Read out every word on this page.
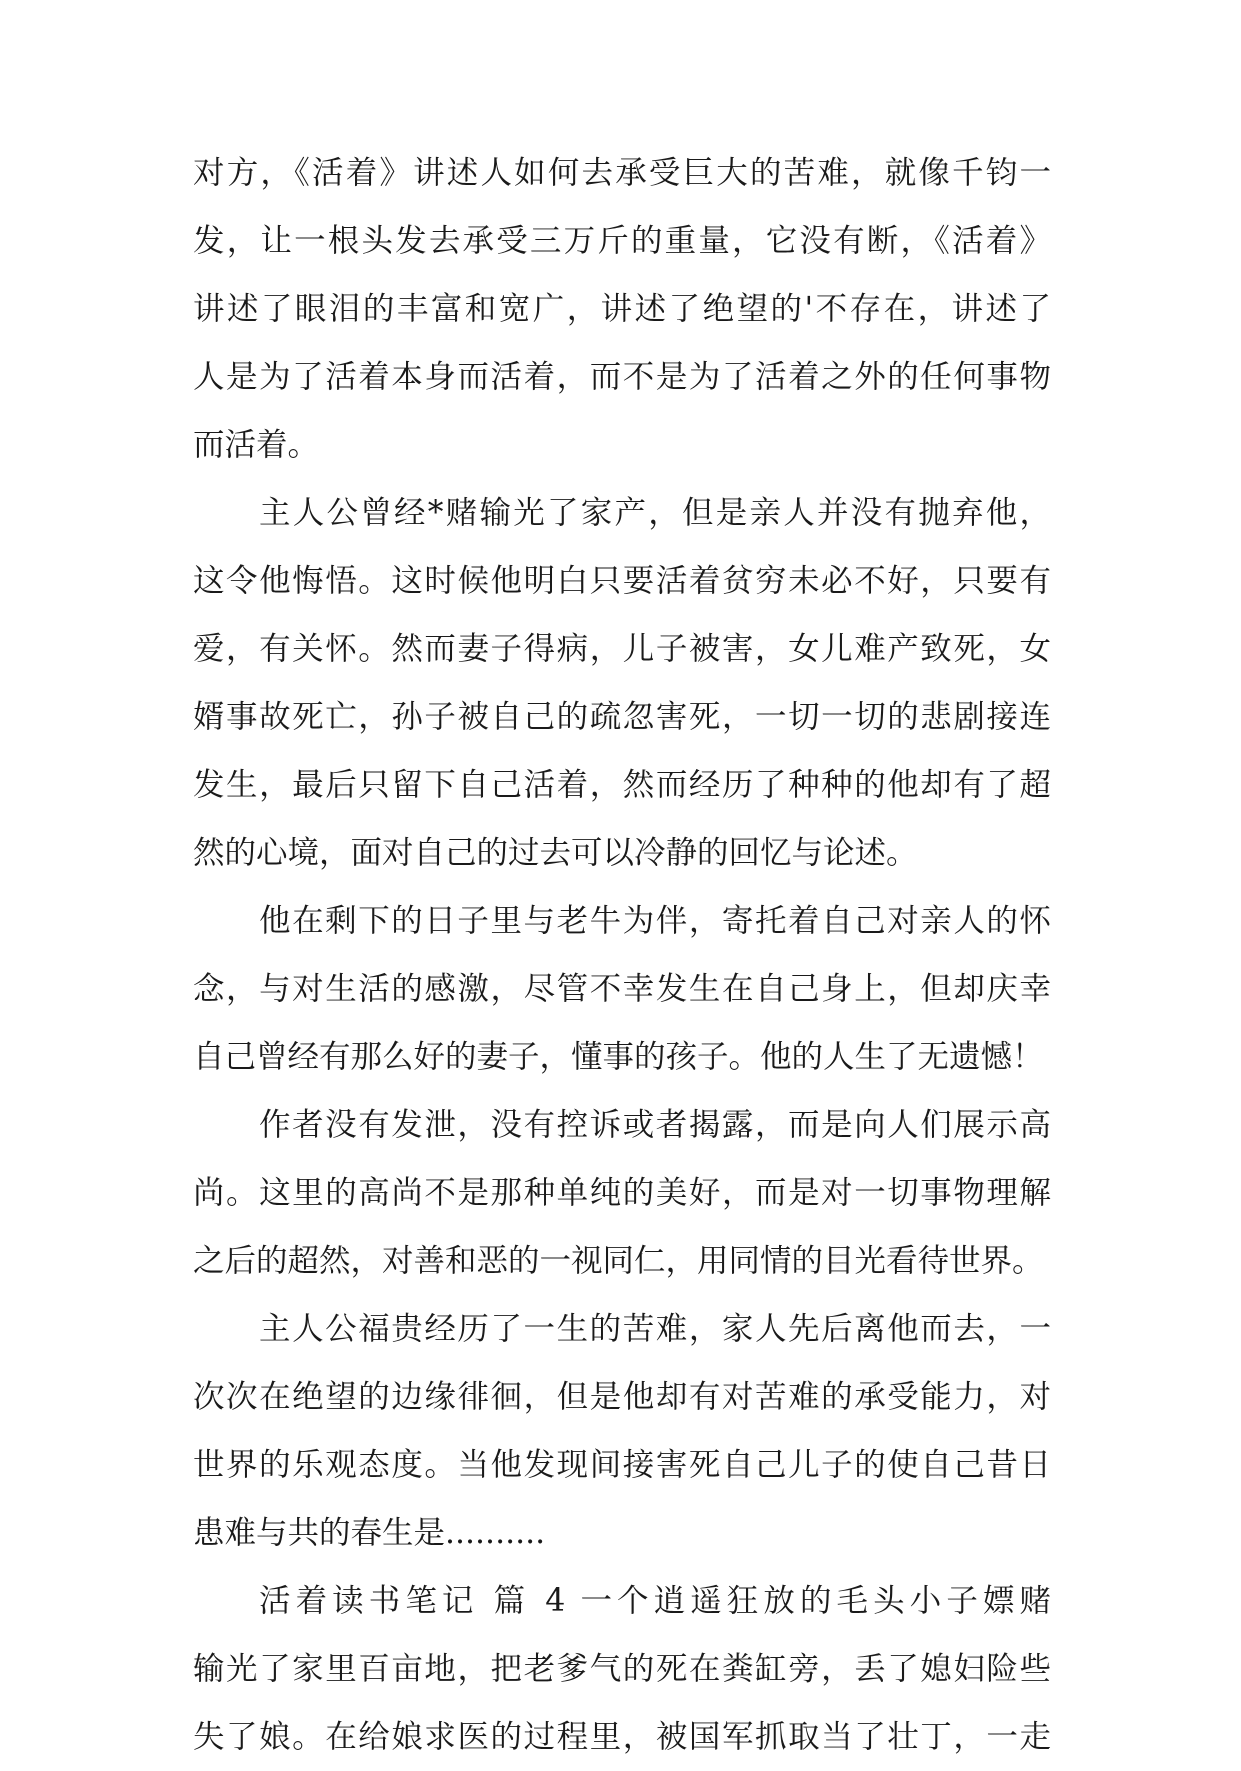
对方，《活着》讲述人如何去承受巨大的苦难，就像千钧一
发，让一根头发去承受三万斤的重量，它没有断，《活着》
讲述了眼泪的丰富和宽广，讲述了绝望的'不存在，讲述了
人是为了活着本身而活着，而不是为了活着之外的任何事物
而活着。
主人公曾经*赌输光了家产，但是亲人并没有抛弃他，
这令他悔悟。这时候他明白只要活着贫穷未必不好，只要有
爱，有关怀。然而妻子得病，儿子被害，女儿难产致死，女
婿事故死亡，孙子被自己的疏忽害死，一切一切的悲剧接连
发生，最后只留下自己活着，然而经历了种种的他却有了超
然的心境，面对自己的过去可以冷静的回忆与论述。
他在剩下的日子里与老牛为伴，寄托着自己对亲人的怀
念，与对生活的感激，尽管不幸发生在自己身上，但却庆幸
自己曾经有那么好的妻子，懂事的孩子。他的人生了无遗憾！
作者没有发泄，没有控诉或者揭露，而是向人们展示高
尚。这里的高尚不是那种单纯的美好，而是对一切事物理解
之后的超然，对善和恶的一视同仁，用同情的目光看待世界。
主人公福贵经历了一生的苦难，家人先后离他而去，一
次次在绝望的边缘徘徊，但是他却有对苦难的承受能力，对
世界的乐观态度。当他发现间接害死自己儿子的使自己昔日
患难与共的春生是..........
活着读书笔记 篇 4 一个逍遥狂放的毛头小子嫖赌
输光了家里百亩地，把老爹气的死在粪缸旁，丢了媳妇险些
失了娘。在给娘求医的过程里，被国军抓取当了壮丁，一走
